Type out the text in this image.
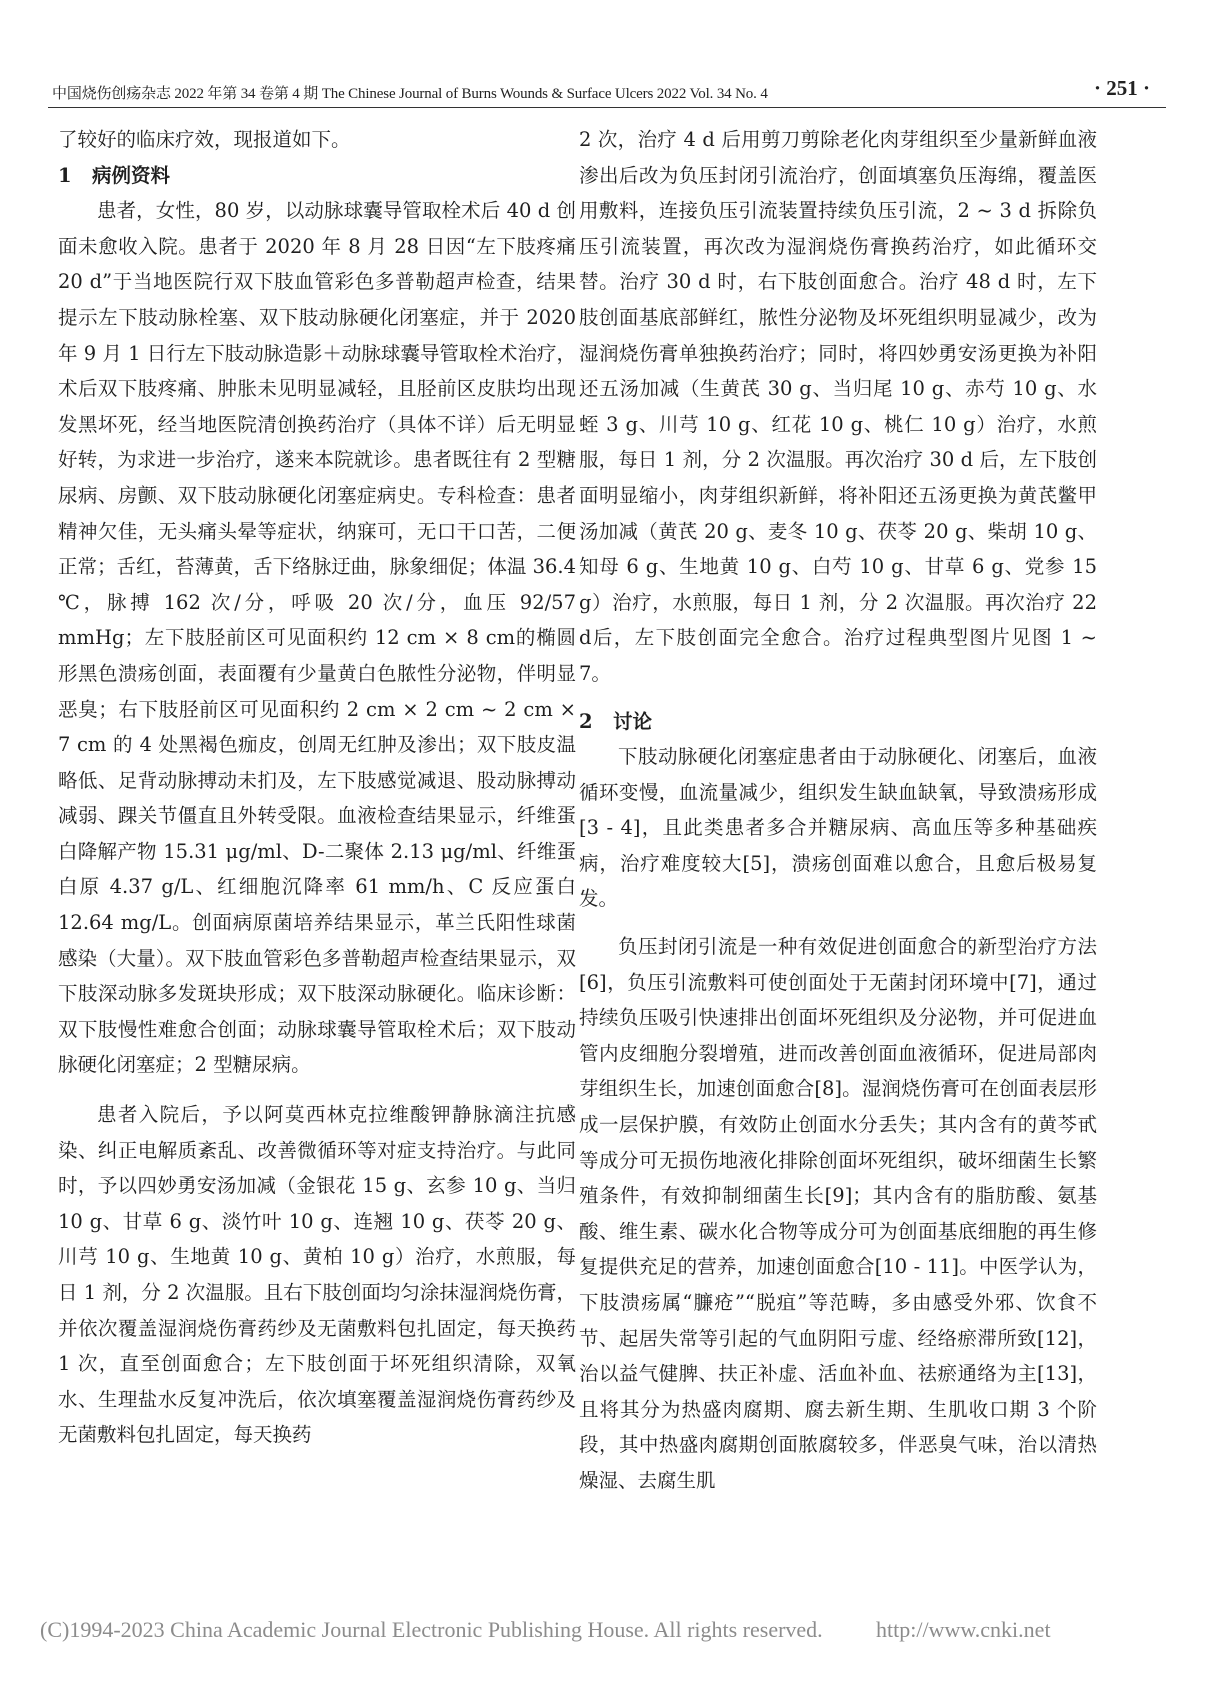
中国烧伤创疡杂志 2022 年第 34 卷第 4 期 The Chinese Journal of Burns Wounds & Surface Ulcers 2022 Vol. 34 No. 4	· 251 ·

了较好的临床疗效，现报道如下。

1 病例资料

患者，女性，80 岁，以动脉球囊导管取栓术后 40 d 创面未愈收入院。患者于 2020 年 8 月 28 日因“左下肢疼痛 20 d”于当地医院行双下肢血管彩色多普勒超声检查，结果提示左下肢动脉栓塞、双下肢动脉硬化闭塞症，并于 2020 年 9 月 1 日行左下肢动脉造影＋动脉球囊导管取栓术治疗，术后双下肢疼痛、肿胀未见明显减轻，且胫前区皮肤均出现发黑坏死，经当地医院清创换药治疗（具体不详）后无明显好转，为求进一步治疗，遂来本院就诊。患者既往有 2 型糖尿病、房颤、双下肢动脉硬化闭塞症病史。专科检查：患者精神欠佳，无头痛头晕等症状，纳寐可，无口干口苦，二便正常；舌红，苔薄黄，舌下络脉迂曲，脉象细促；体温 36.4 ℃，脉搏 162 次/分，呼吸 20 次/分，血压 92/57 mmHg；左下肢胫前区可见面积约 12 cm × 8 cm的椭圆形黑色溃疡创面，表面覆有少量黄白色脓性分泌物，伴明显恶臭；右下肢胫前区可见面积约 2 cm × 2 cm ~ 2 cm × 7 cm 的 4 处黑褐色痂皮，创周无红肿及渗出；双下肢皮温略低、足背动脉搏动未扪及，左下肢感觉减退、股动脉搏动减弱、踝关节僵直且外转受限。血液检查结果显示，纤维蛋白降解产物 15.31 μg/ml、D-二聚体 2.13 μg/ml、纤维蛋白原 4.37 g/L、红细胞沉降率 61 mm/h、C 反应蛋白 12.64 mg/L。创面病原菌培养结果显示，革兰氏阳性球菌感染（大量）。双下肢血管彩色多普勒超声检查结果显示，双下肢深动脉多发斑块形成；双下肢深动脉硬化。临床诊断：双下肢慢性难愈合创面；动脉球囊导管取栓术后；双下肢动脉硬化闭塞症；2 型糖尿病。

患者入院后，予以阿莫西林克拉维酸钾静脉滴注抗感染、纠正电解质紊乱、改善微循环等对症支持治疗。与此同时，予以四妙勇安汤加减（金银花 15 g、玄参 10 g、当归 10 g、甘草 6 g、淡竹叶 10 g、连翘 10 g、茯苓 20 g、川芎 10 g、生地黄 10 g、黄柏 10 g）治疗，水煎服，每日 1 剂，分 2 次温服。且右下肢创面均匀涂抹湿润烧伤膏，并依次覆盖湿润烧伤膏药纱及无菌敷料包扎固定，每天换药 1 次，直至创面愈合；左下肢创面于坏死组织清除，双氧水、生理盐水反复冲洗后，依次填塞覆盖湿润烧伤膏药纱及无菌敷料包扎固定，每天换药

2 次，治疗 4 d 后用剪刀剪除老化肉芽组织至少量新鲜血液渗出后改为负压封闭引流治疗，创面填塞负压海绵，覆盖医用敷料，连接负压引流装置持续负压引流，2 ~ 3 d 拆除负压引流装置，再次改为湿润烧伤膏换药治疗，如此循环交替。治疗 30 d 时，右下肢创面愈合。治疗 48 d 时，左下肢创面基底部鲜红，脓性分泌物及坏死组织明显减少，改为湿润烧伤膏单独换药治疗；同时，将四妙勇安汤更换为补阳还五汤加减（生黄芪 30 g、当归尾 10 g、赤芍 10 g、水蛭 3 g、川芎 10 g、红花 10 g、桃仁 10 g）治疗，水煎服，每日 1 剂，分 2 次温服。再次治疗 30 d 后，左下肢创面明显缩小，肉芽组织新鲜，将补阳还五汤更换为黄芪鳖甲汤加减（黄芪 20 g、麦冬 10 g、茯苓 20 g、柴胡 10 g、知母 6 g、生地黄 10 g、白芍 10 g、甘草 6 g、党参 15 g）治疗，水煎服，每日 1 剂，分 2 次温服。再次治疗 22 d后，左下肢创面完全愈合。治疗过程典型图片见图 1 ~ 7。

2 讨论

下肢动脉硬化闭塞症患者由于动脉硬化、闭塞后，血液循环变慢，血流量减少，组织发生缺血缺氧，导致溃疡形成[3 - 4]，且此类患者多合并糖尿病、高血压等多种基础疾病，治疗难度较大[5]，溃疡创面难以愈合，且愈后极易复发。

负压封闭引流是一种有效促进创面愈合的新型治疗方法[6]，负压引流敷料可使创面处于无菌封闭环境中[7]，通过持续负压吸引快速排出创面坏死组织及分泌物，并可促进血管内皮细胞分裂增殖，进而改善创面血液循环，促进局部肉芽组织生长，加速创面愈合[8]。湿润烧伤膏可在创面表层形成一层保护膜，有效防止创面水分丢失；其内含有的黄芩甙等成分可无损伤地液化排除创面坏死组织，破坏细菌生长繁殖条件，有效抑制细菌生长[9]；其内含有的脂肪酸、氨基酸、维生素、碳水化合物等成分可为创面基底细胞的再生修复提供充足的营养，加速创面愈合[10 - 11]。中医学认为，下肢溃疡属“臁疮”“脱疽”等范畴，多由感受外邪、饮食不节、起居失常等引起的气血阴阳亏虚、经络瘀滞所致[12]，治以益气健脾、扶正补虚、活血补血、祛瘀通络为主[13]，且将其分为热盛肉腐期、腐去新生期、生肌收口期 3 个阶段，其中热盛肉腐期创面脓腐较多，伴恶臭气味，治以清热燥湿、去腐生肌

(C)1994-2023 China Academic Journal Electronic Publishing House. All rights reserved. http://www.cnki.net
